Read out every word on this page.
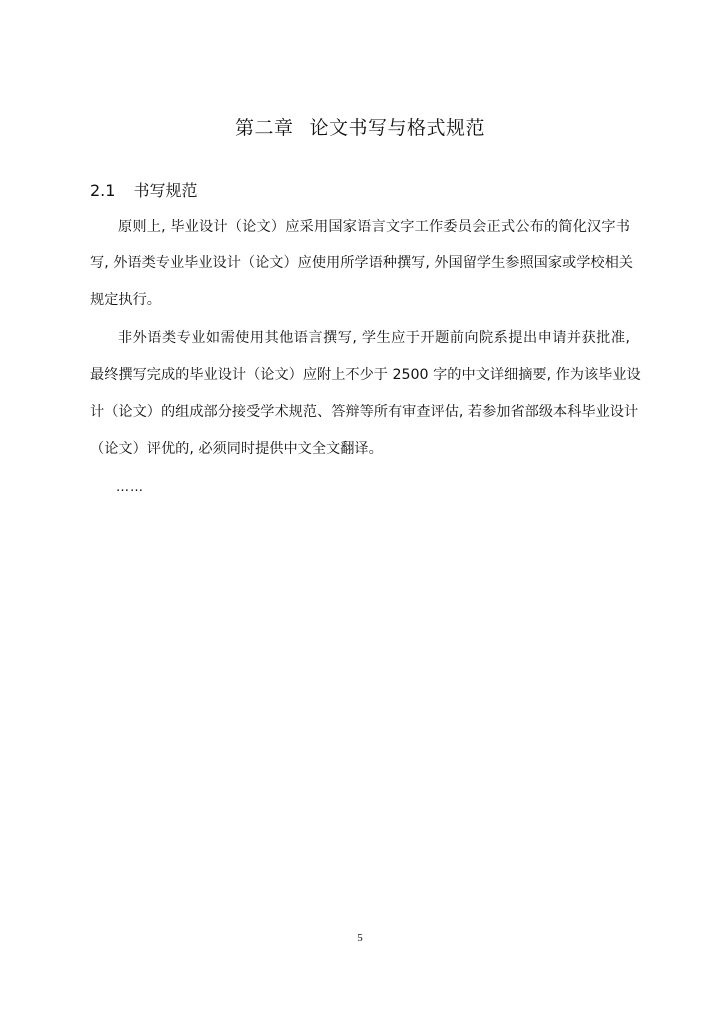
第二章 论文书写与格式规范
2.1 书写规范
原则上, 毕业设计（论文）应采用国家语言文字工作委员会正式公布的简化汉字书
写, 外语类专业毕业设计（论文）应使用所学语种撰写, 外国留学生参照国家或学校相关
规定执行。
非外语类专业如需使用其他语言撰写, 学生应于开题前向院系提出申请并获批准,
最终撰写完成的毕业设计（论文）应附上不少于 2500 字的中文详细摘要, 作为该毕业设
计（论文）的组成部分接受学术规范、答辩等所有审查评估, 若参加省部级本科毕业设计
（论文）评优的, 必须同时提供中文全文翻译。
……
5
